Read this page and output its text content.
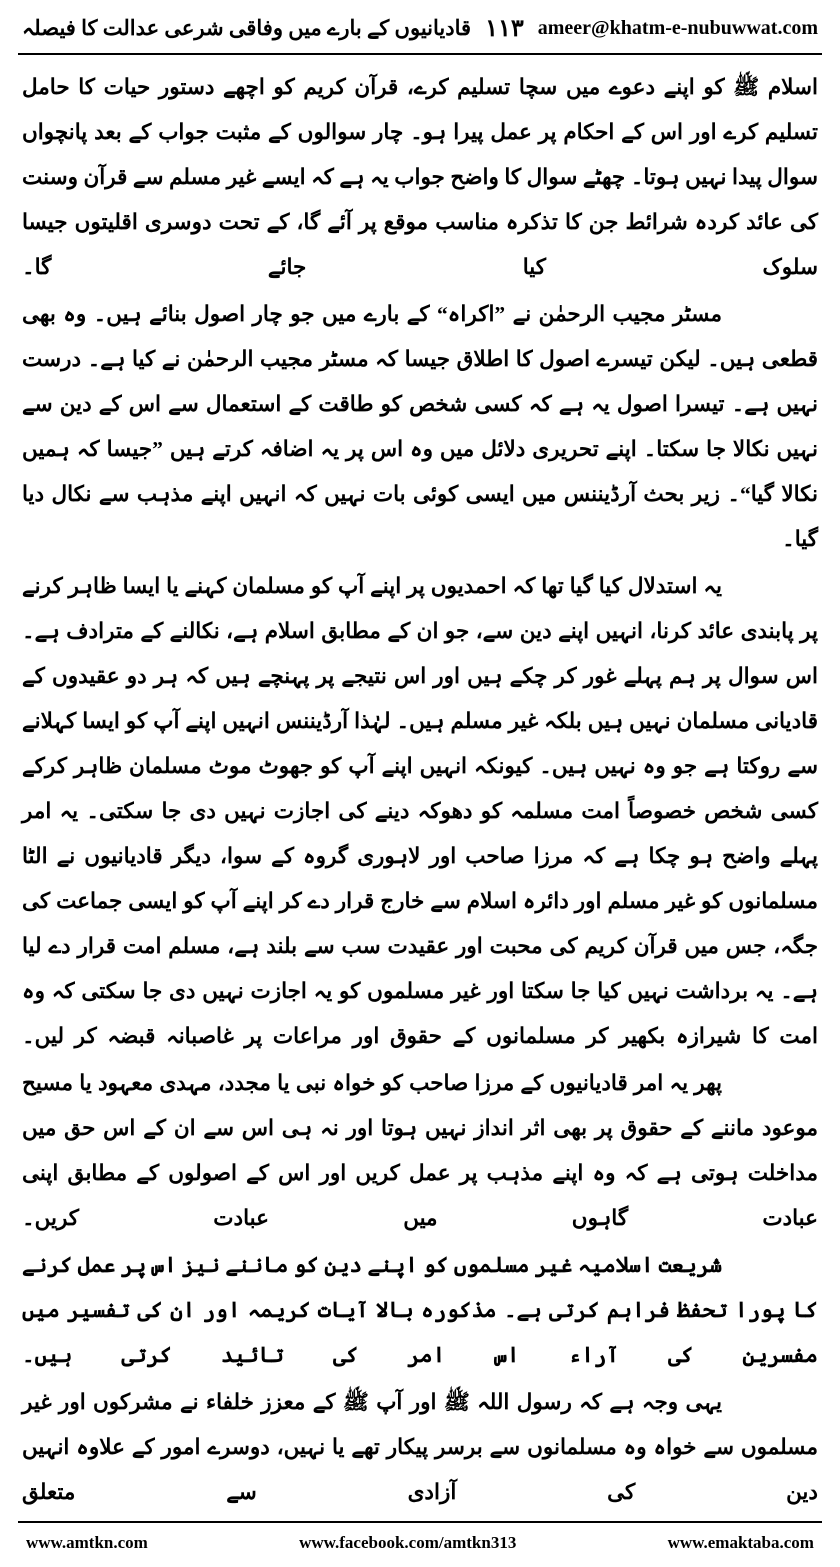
قادیانیوں کے بارے میں وفاقی شرعی عدالت کا فیصلہ ۱۱۳ ameer@khatm-e-nubuwwat.com

اسلام ﷺ کو اپنے دعوے میں سچا تسلیم کرے، قرآن کریم کو اچھے دستور حیات کا حامل تسلیم کرے اور اس کے احکام پر عمل پیرا ہو۔ چار سوالوں کے مثبت جواب کے بعد پانچواں سوال پیدا نہیں ہوتا۔ چھٹے سوال کا واضح جواب یہ ہے کہ ایسے غیر مسلم سے قرآن وسنت کی عائد کردہ شرائط جن کا تذکرہ مناسب موقع پر آئے گا، کے تحت دوسری اقلیتوں جیسا سلوک کیا جائے گا۔

مسٹر مجیب الرحمٰن نے ”اکراہ“ کے بارے میں جو چار اصول بنائے ہیں۔ وہ بھی قطعی ہیں۔ لیکن تیسرے اصول کا اطلاق جیسا کہ مسٹر مجیب الرحمٰن نے کیا ہے۔ درست نہیں ہے۔ تیسرا اصول یہ ہے کہ کسی شخص کو طاقت کے استعمال سے اس کے دین سے نہیں نکالا جا سکتا۔ اپنے تحریری دلائل میں وہ اس پر یہ اضافہ کرتے ہیں ”جیسا کہ ہمیں نکالا گیا“۔ زیر بحث آرڈیننس میں ایسی کوئی بات نہیں کہ انہیں اپنے مذہب سے نکال دیا گیا۔

یہ استدلال کیا گیا تھا کہ احمدیوں پر اپنے آپ کو مسلمان کہنے یا ایسا ظاہر کرنے پر پابندی عائد کرنا، انہیں اپنے دین سے، جو ان کے مطابق اسلام ہے، نکالنے کے مترادف ہے۔ اس سوال پر ہم پہلے غور کر چکے ہیں اور اس نتیجے پر پہنچے ہیں کہ ہر دو عقیدوں کے قادیانی مسلمان نہیں ہیں بلکہ غیر مسلم ہیں۔ لہٰذا آرڈیننس انہیں اپنے آپ کو ایسا کہلانے سے روکتا ہے جو وہ نہیں ہیں۔ کیونکہ انہیں اپنے آپ کو جھوٹ موٹ مسلمان ظاہر کرکے کسی شخص خصوصاً امت مسلمہ کو دھوکہ دینے کی اجازت نہیں دی جا سکتی۔ یہ امر پہلے واضح ہو چکا ہے کہ مرزا صاحب اور لاہوری گروہ کے سوا، دیگر قادیانیوں نے الٹا مسلمانوں کو غیر مسلم اور دائرہ اسلام سے خارج قرار دے کر اپنے آپ کو ایسی جماعت کی جگہ، جس میں قرآن کریم کی محبت اور عقیدت سب سے بلند ہے، مسلم امت قرار دے لیا ہے۔ یہ برداشت نہیں کیا جا سکتا اور غیر مسلموں کو یہ اجازت نہیں دی جا سکتی کہ وہ امت کا شیرازہ بکھیر کر مسلمانوں کے حقوق اور مراعات پر غاصبانہ قبضہ کر لیں۔

پھر یہ امر قادیانیوں کے مرزا صاحب کو خواہ نبی یا مجدد، مہدی معہود یا مسیح موعود ماننے کے حقوق پر بھی اثر انداز نہیں ہوتا اور نہ ہی اس سے ان کے اس حق میں مداخلت ہوتی ہے کہ وہ اپنے مذہب پر عمل کریں اور اس کے اصولوں کے مطابق اپنی عبادت گاہوں میں عبادت کریں۔

شریعت اسلامیہ غیر مسلموں کو اپنے دین کو ماننے نیز اس پر عمل کرنے کا پورا تحفظ فراہم کرتی ہے۔ مذکورہ بالا آیات کریمہ اور ان کی تفسیر میں مفسرین کی آراء اس امر کی تائید کرتی ہیں۔

یہی وجہ ہے کہ رسول اللہ ﷺ اور آپ ﷺ کے معزز خلفاء نے مشرکوں اور غیر مسلموں سے خواہ وہ مسلمانوں سے برسر پیکار تھے یا نہیں، دوسرے امور کے علاوہ انہیں دین کی آزادی سے متعلق

www.amtkn.com	www.facebook.com/amtkn313	www.emaktaba.com
